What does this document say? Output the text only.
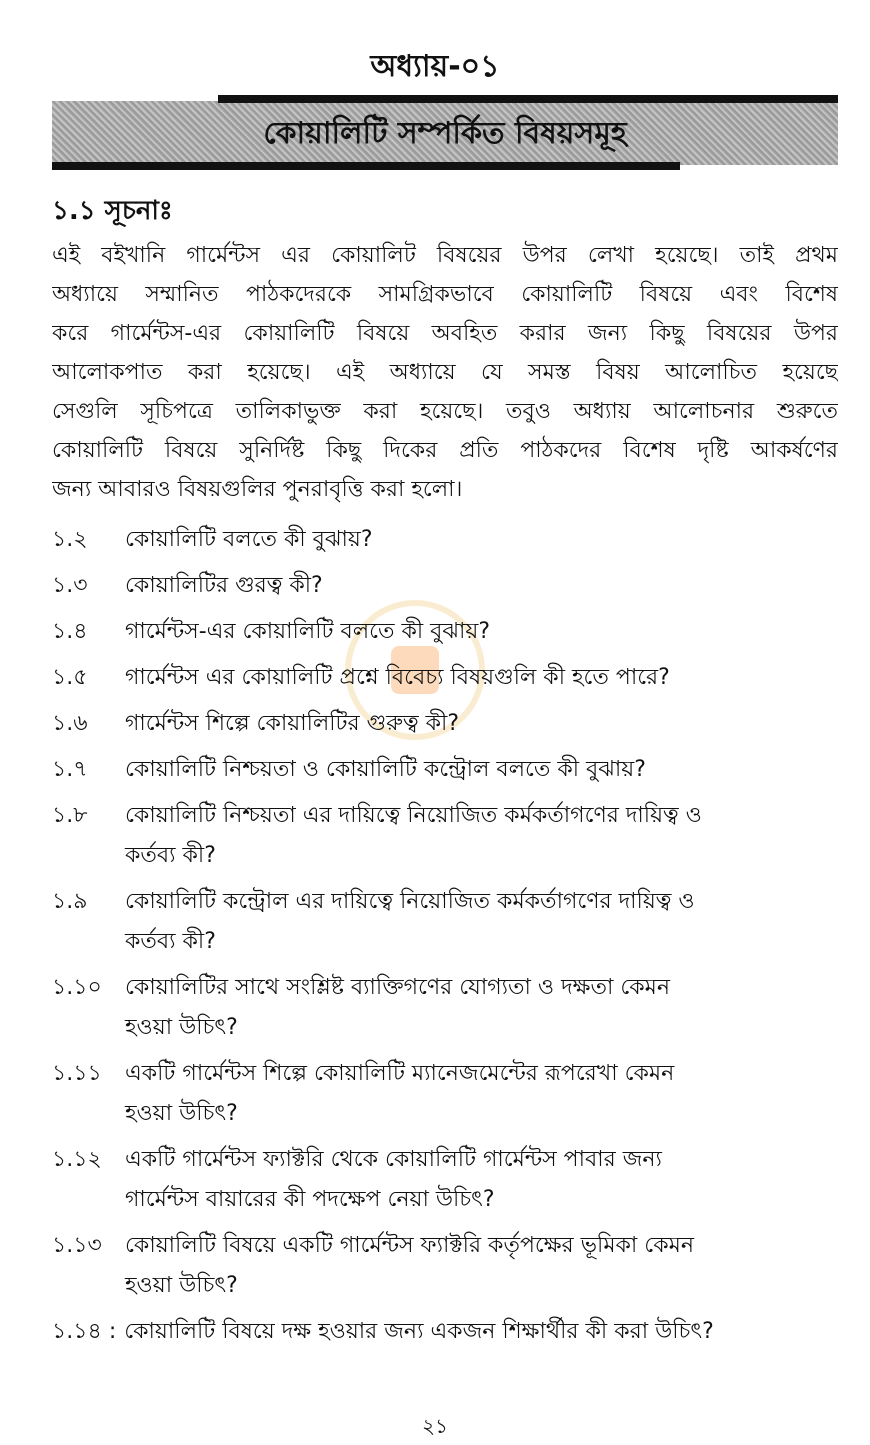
অধ্যায়-০১
কোয়ালিটি সম্পর্কিত বিষয়সমূহ
১.১ সূচনাঃ
এই বইখানি গার্মেন্টস এর কোয়ালিট বিষয়ের উপর লেখা হয়েছে। তাই প্রথম
অধ্যায়ে সম্মানিত পাঠকদেরকে সামগ্রিকভাবে কোয়ালিটি বিষয়ে এবং বিশেষ
করে গার্মেন্টস-এর কোয়ালিটি বিষয়ে অবহিত করার জন্য কিছু বিষয়ের উপর
আলোকপাত করা হয়েছে। এই অধ্যায়ে যে সমস্ত বিষয় আলোচিত হয়েছে
সেগুলি সূচিপত্রে তালিকাভুক্ত করা হয়েছে। তবুও অধ্যায় আলোচনার শুরুতে
কোয়ালিটি বিষয়ে সুনির্দিষ্ট কিছু দিকের প্রতি পাঠকদের বিশেষ দৃষ্টি আকর্ষণের
জন্য আবারও বিষয়গুলির পুনরাবৃত্তি করা হলো।
১.২	কোয়ালিটি বলতে কী বুঝায়?
১.৩	কোয়ালিটির গুরত্ব কী?
১.৪	গার্মেন্টস-এর কোয়ালিটি বলতে কী বুঝায়?
১.৫	গার্মেন্টস এর কোয়ালিটি প্রশ্নে বিবেচ্য বিষয়গুলি কী হতে পারে?
১.৬	গার্মেন্টস শিল্পে কোয়ালিটির গুরুত্ব কী?
১.৭	কোয়ালিটি নিশ্চয়তা ও কোয়ালিটি কন্ট্রোল বলতে কী বুঝায়?
১.৮	কোয়ালিটি নিশ্চয়তা এর দায়িত্বে নিয়োজিত কর্মকর্তাগণের দায়িত্ব ও
কর্তব্য কী?
১.৯	কোয়ালিটি কন্ট্রোল এর দায়িত্বে নিয়োজিত কর্মকর্তাগণের দায়িত্ব ও
কর্তব্য কী?
১.১০	কোয়ালিটির সাথে সংশ্লিষ্ট ব্যাক্তিগণের যোগ্যতা ও দক্ষতা কেমন
হওয়া উচিৎ?
১.১১	একটি গার্মেন্টস শিল্পে কোয়ালিটি ম্যানেজমেন্টের রূপরেখা কেমন
হওয়া উচিৎ?
১.১২	একটি গার্মেন্টস ফ্যাক্টরি থেকে কোয়ালিটি গার্মেন্টস পাবার জন্য
গার্মেন্টস বায়ারের কী পদক্ষেপ নেয়া উচিৎ?
১.১৩	কোয়ালিটি বিষয়ে একটি গার্মেন্টস ফ্যাক্টরি কর্তৃপক্ষের ভূমিকা কেমন
হওয়া উচিৎ?
১.১৪ : কোয়ালিটি বিষয়ে দক্ষ হওয়ার জন্য একজন শিক্ষার্থীর কী করা উচিৎ?
২১
